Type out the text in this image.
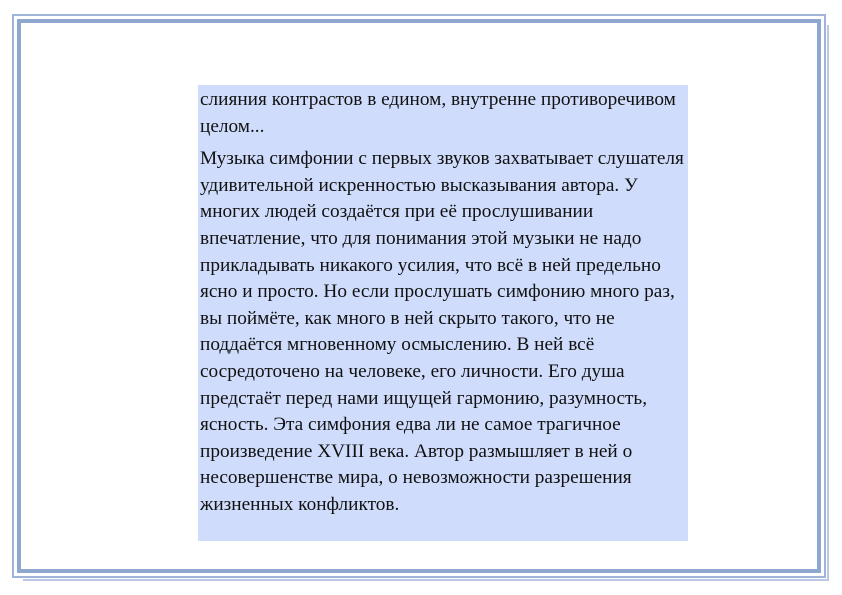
слияния контрастов в едином, внутренне противоречивом целом...

Музыка симфонии с первых звуков захватывает слушателя удивительной искренностью высказывания автора. У многих людей создаётся при её прослушивании впечатление, что для понимания этой музыки не надо прикладывать никакого усилия, что всё в ней предельно ясно и просто. Но если прослушать симфонию много раз, вы поймёте, как много в ней скрыто такого, что не поддаётся мгновенному осмыслению. В ней всё сосредоточено на человеке, его личности. Его душа предстаёт перед нами ищущей гармонию, разумность, ясность. Эта симфония едва ли не самое трагичное произведение XVIII века. Автор размышляет в ней о несовершенстве мира, о невозможности разрешения жизненных конфликтов.
